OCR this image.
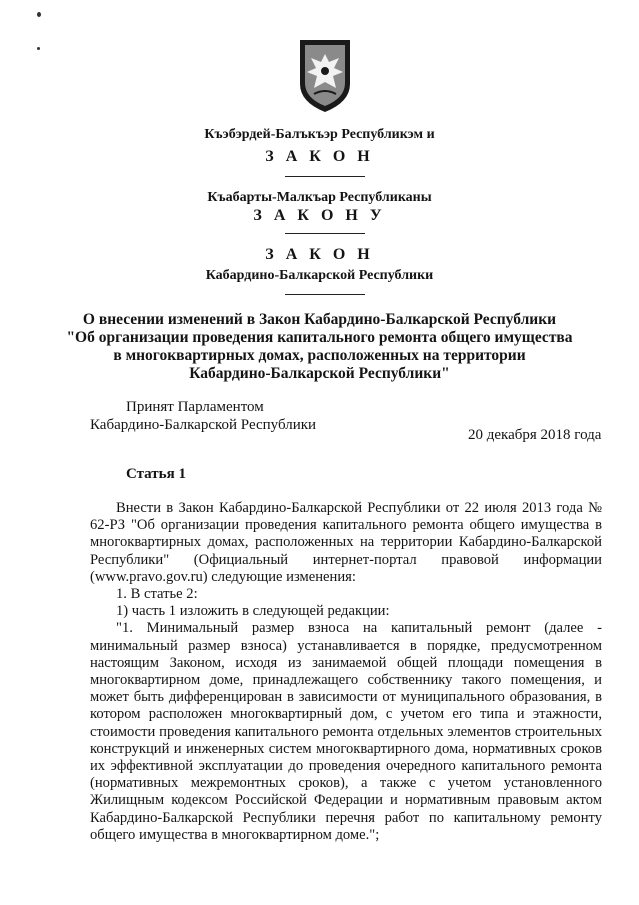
Къэбэрдей-Балъкъэр Республикэм и
З А К О Н
Къабарты-Малкъар Республиканы
З А К О Н У
З А К О Н
Кабардино-Балкарской Республики
О внесении изменений в Закон Кабардино-Балкарской Республики
"Об организации проведения капитального ремонта общего имущества
в многоквартирных домах, расположенных на территории
Кабардино-Балкарской Республики"
Принят Парламентом
Кабардино-Балкарской Республики
20 декабря 2018 года
Статья 1

Внести в Закон Кабардино-Балкарской Республики от 22 июля 2013 года № 62-РЗ "Об организации проведения капитального ремонта общего имущества в многоквартирных домах, расположенных на территории Кабардино-Балкарской Республики" (Официальный интернет-портал правовой информации (www.pravo.gov.ru) следующие изменения:

1. В статье 2:

1) часть 1 изложить в следующей редакции:

"1. Минимальный размер взноса на капитальный ремонт (далее - минимальный размер взноса) устанавливается в порядке, предусмотренном настоящим Законом, исходя из занимаемой общей площади помещения в многоквартирном доме, принадлежащего собственнику такого помещения, и может быть дифференцирован в зависимости от муниципального образования, в котором расположен многоквартирный дом, с учетом его типа и этажности, стоимости проведения капитального ремонта отдельных элементов строительных конструкций и инженерных систем многоквартирного дома, нормативных сроков их эффективной эксплуатации до проведения очередного капитального ремонта (нормативных межремонтных сроков), а также с учетом установленного Жилищным кодексом Российской Федерации и нормативным правовым актом Кабардино-Балкарской Республики перечня работ по капитальному ремонту общего имущества в многоквартирном доме.";
